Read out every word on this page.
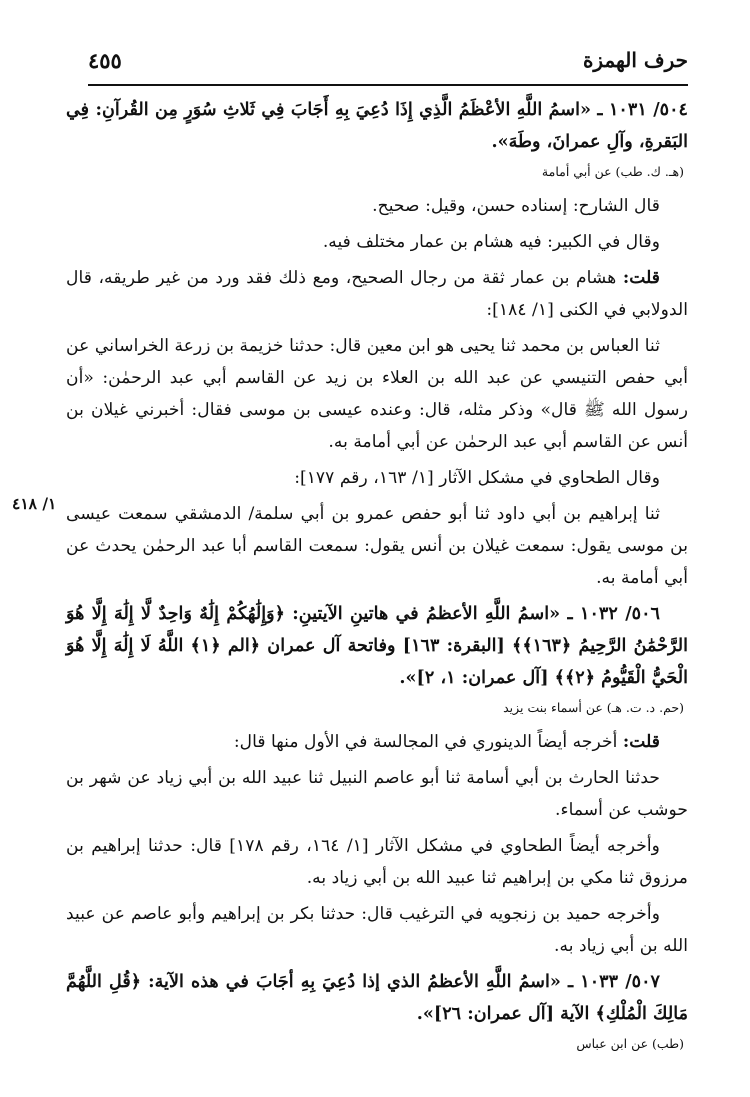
حرف الهمزة
٤٥٥
١/ ٤١٨
٥٠٤/ ١٠٣١ ـ «اسمُ اللَّهِ الأعْظَمُ الَّذِي إِذَا دُعِيَ بِهِ أَجَابَ فِي ثَلاثِ سُوَرٍ مِن القُرآنِ: فِي البَقرةِ، وآلِ عمرانَ، وطَهَ».
(هـ. ك. طب) عن أبي أمامة
قال الشارح: إسناده حسن، وقيل: صحيح.
وقال في الكبير: فيه هشام بن عمار مختلف فيه.
قلت: هشام بن عمار ثقة من رجال الصحيح، ومع ذلك فقد ورد من غير طريقه، قال الدولابي في الكنى [١/ ١٨٤]:
ثنا العباس بن محمد ثنا يحيى هو ابن معين قال: حدثنا خزيمة بن زرعة الخراساني عن أبي حفص التنيسي عن عبد الله بن العلاء بن زيد عن القاسم أبي عبد الرحمٰن: «أن رسول الله ﷺ قال» وذكر مثله، قال: وعنده عيسى بن موسى فقال: أخبرني غيلان بن أنس عن القاسم أبي عبد الرحمٰن عن أبي أمامة به.
وقال الطحاوي في مشكل الآثار [١/ ١٦٣، رقم ١٧٧]:
ثنا إبراهيم بن أبي داود ثنا أبو حفص عمرو بن أبي سلمة/ الدمشقي سمعت عيسى بن موسى يقول: سمعت غيلان بن أنس يقول: سمعت القاسم أبا عبد الرحمٰن يحدث عن أبي أمامة به.
٥٠٦/ ١٠٣٢ ـ «اسمُ اللَّهِ الأعظمُ في هاتينِ الآيتينِ: ﴿وَإِلَٰهُكُمْ إِلَٰهٌ وَاحِدٌ لَّا إِلَٰهَ إِلَّا هُوَ الرَّحْمَٰنُ الرَّحِيمُ ﴿١٦٣﴾﴾ [البقرة: ١٦٣] وفاتحة آل عمران ﴿الم ﴿١﴾ اللَّهُ لَا إِلَٰهَ إِلَّا هُوَ الْحَيُّ الْقَيُّومُ ﴿٢﴾﴾ [آل عمران: ١، ٢]».
(حم. د. ت. هـ) عن أسماء بنت يزيد
قلت: أخرجه أيضاً الدينوري في المجالسة في الأول منها قال:
حدثنا الحارث بن أبي أسامة ثنا أبو عاصم النبيل ثنا عبيد الله بن أبي زياد عن شهر بن حوشب عن أسماء.
وأخرجه أيضاً الطحاوي في مشكل الآثار [١/ ١٦٤، رقم ١٧٨] قال: حدثنا إبراهيم بن مرزوق ثنا مكي بن إبراهيم ثنا عبيد الله بن أبي زياد به.
وأخرجه حميد بن زنجويه في الترغيب قال: حدثنا بكر بن إبراهيم وأبو عاصم عن عبيد الله بن أبي زياد به.
٥٠٧/ ١٠٣٣ ـ «اسمُ اللَّهِ الأعظمُ الذي إذا دُعِيَ بِهِ أجَابَ في هذه الآية: ﴿قُلِ اللَّهُمَّ مَالِكَ الْمُلْكِ﴾ الآية [آل عمران: ٢٦]».
(طب) عن ابن عباس
